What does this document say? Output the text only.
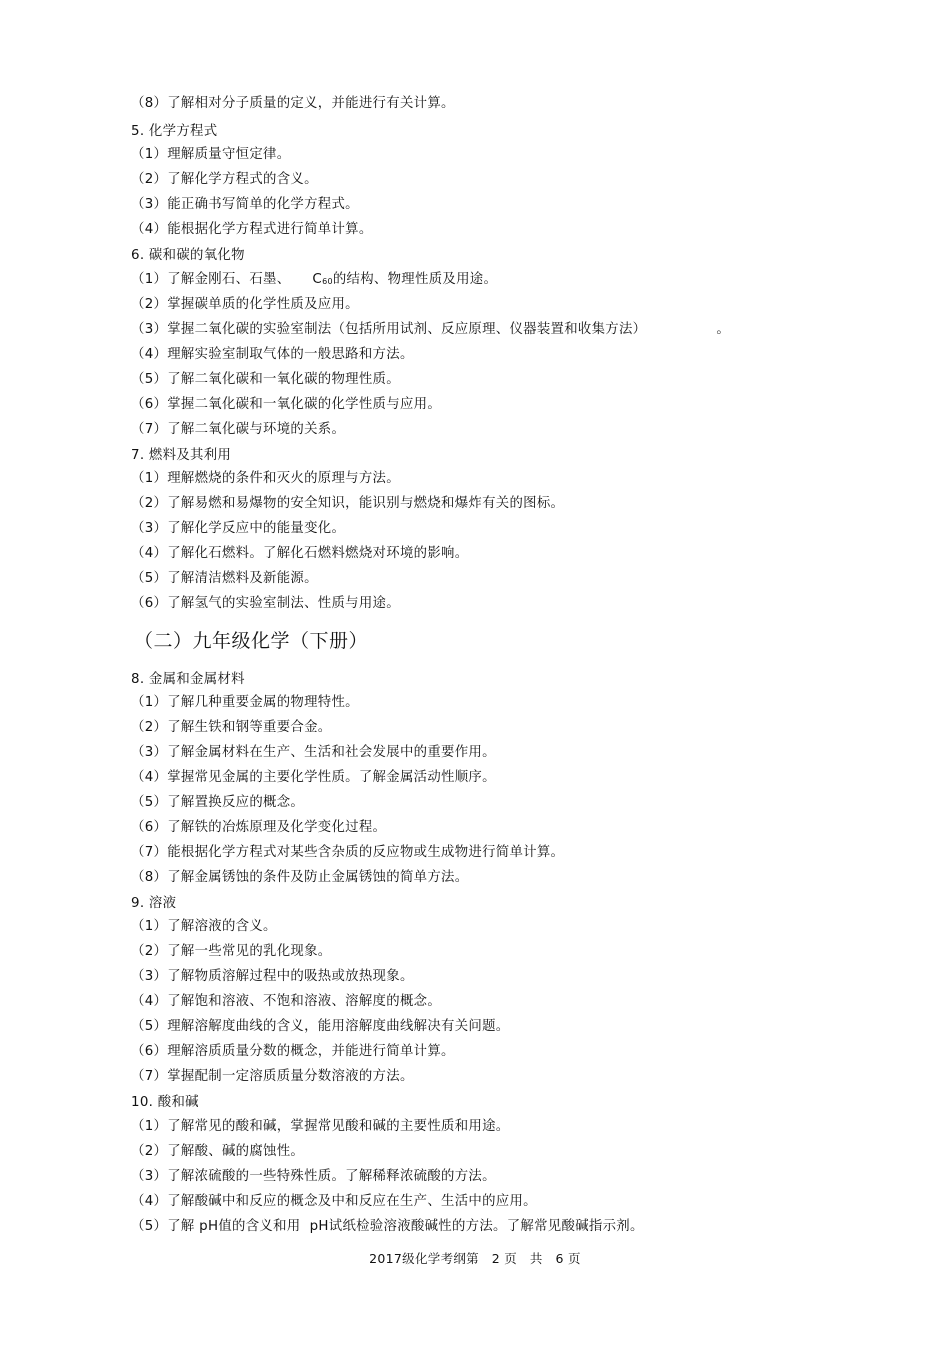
（8）了解相对分子质量的定义，并能进行有关计算。
5. 化学方程式
（1）理解质量守恒定律。
（2）了解化学方程式的含义。
（3）能正确书写简单的化学方程式。
（4）能根据化学方程式进行简单计算。
6. 碳和碳的氧化物
（1）了解金刚石、石墨、 $C_{60}$的结构、物理性质及用途。
（2）掌握碳单质的化学性质及应用。
（3）掌握二氧化碳的实验室制法（包括所用试剂、反应原理、仪器装置和收集方法）	。
（4）理解实验室制取气体的一般思路和方法。
（5）了解二氧化碳和一氧化碳的物理性质。
（6）掌握二氧化碳和一氧化碳的化学性质与应用。
（7）了解二氧化碳与环境的关系。
7. 燃料及其利用
（1）理解燃烧的条件和灭火的原理与方法。
（2）了解易燃和易爆物的安全知识，能识别与燃烧和爆炸有关的图标。
（3）了解化学反应中的能量变化。
（4）了解化石燃料。了解化石燃料燃烧对环境的影响。
（5）了解清洁燃料及新能源。
（6）了解氢气的实验室制法、性质与用途。
（二）九年级化学（下册）
8. 金属和金属材料
（1）了解几种重要金属的物理特性。
（2）了解生铁和钢等重要合金。
（3）了解金属材料在生产、生活和社会发展中的重要作用。
（4）掌握常见金属的主要化学性质。了解金属活动性顺序。
（5）了解置换反应的概念。
（6）了解铁的冶炼原理及化学变化过程。
（7）能根据化学方程式对某些含杂质的反应物或生成物进行简单计算。
（8）了解金属锈蚀的条件及防止金属锈蚀的简单方法。
9. 溶液
（1）了解溶液的含义。
（2）了解一些常见的乳化现象。
（3）了解物质溶解过程中的吸热或放热现象。
（4）了解饱和溶液、不饱和溶液、溶解度的概念。
（5）理解溶解度曲线的含义，能用溶解度曲线解决有关问题。
（6）理解溶质质量分数的概念，并能进行简单计算。
（7）掌握配制一定溶质质量分数溶液的方法。
10. 酸和碱
（1）了解常见的酸和碱，掌握常见酸和碱的主要性质和用途。
（2）了解酸、碱的腐蚀性。
（3）了解浓硫酸的一些特殊性质。了解稀释浓硫酸的方法。
（4）了解酸碱中和反应的概念及中和反应在生产、生活中的应用。
（5）了解 pH值的含义和用 pH试纸检验溶液酸碱性的方法。了解常见酸碱指示剂。
2017级化学考纲第　2 页　共　6 页
